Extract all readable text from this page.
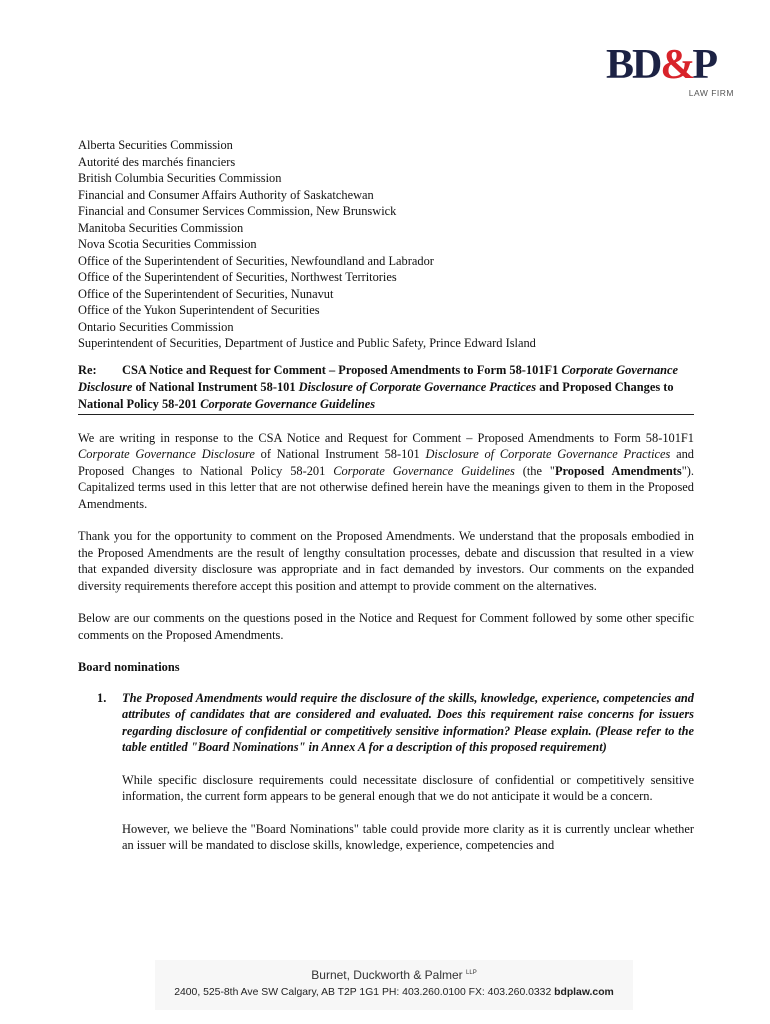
BD&P
LAW FIRM
Alberta Securities Commission
Autorité des marchés financiers
British Columbia Securities Commission
Financial and Consumer Affairs Authority of Saskatchewan
Financial and Consumer Services Commission, New Brunswick
Manitoba Securities Commission
Nova Scotia Securities Commission
Office of the Superintendent of Securities, Newfoundland and Labrador
Office of the Superintendent of Securities, Northwest Territories
Office of the Superintendent of Securities, Nunavut
Office of the Yukon Superintendent of Securities
Ontario Securities Commission
Superintendent of Securities, Department of Justice and Public Safety, Prince Edward Island
Re: CSA Notice and Request for Comment – Proposed Amendments to Form 58-101F1 Corporate Governance Disclosure of National Instrument 58-101 Disclosure of Corporate Governance Practices and Proposed Changes to National Policy 58-201 Corporate Governance Guidelines

We are writing in response to the CSA Notice and Request for Comment – Proposed Amendments to Form 58-101F1 Corporate Governance Disclosure of National Instrument 58-101 Disclosure of Corporate Governance Practices and Proposed Changes to National Policy 58-201 Corporate Governance Guidelines (the "Proposed Amendments"). Capitalized terms used in this letter that are not otherwise defined herein have the meanings given to them in the Proposed Amendments.

Thank you for the opportunity to comment on the Proposed Amendments. We understand that the proposals embodied in the Proposed Amendments are the result of lengthy consultation processes, debate and discussion that resulted in a view that expanded diversity disclosure was appropriate and in fact demanded by investors. Our comments on the expanded diversity requirements therefore accept this position and attempt to provide comment on the alternatives.

Below are our comments on the questions posed in the Notice and Request for Comment followed by some other specific comments on the Proposed Amendments.

Board nominations
1. The Proposed Amendments would require the disclosure of the skills, knowledge, experience, competencies and attributes of candidates that are considered and evaluated. Does this requirement raise concerns for issuers regarding disclosure of confidential or competitively sensitive information? Please explain. (Please refer to the table entitled "Board Nominations" in Annex A for a description of this proposed requirement)

While specific disclosure requirements could necessitate disclosure of confidential or competitively sensitive information, the current form appears to be general enough that we do not anticipate it would be a concern.

However, we believe the "Board Nominations" table could provide more clarity as it is currently unclear whether an issuer will be mandated to disclose skills, knowledge, experience, competencies and

Burnet, Duckworth & Palmer $^{LLP}$
2400, 525-8th Ave SW Calgary, AB T2P 1G1 PH: 403.260.0100 FX: 403.260.0332 bdplaw.com
